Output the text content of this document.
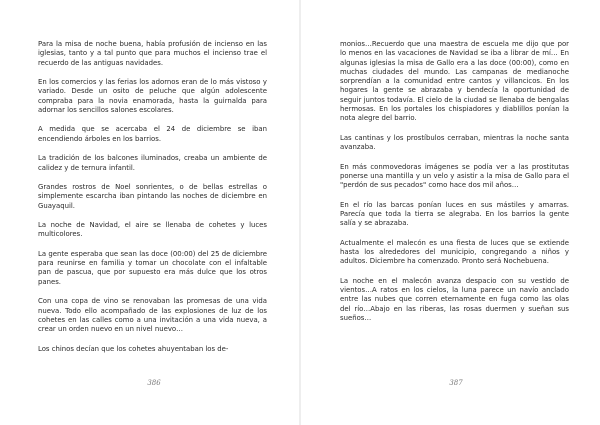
Para la misa de noche buena, había profusión de incienso en las iglesias, tanto y a tal punto que para muchos el incienso trae el recuerdo de las antiguas navidades.

En los comercios y las ferias los adornos eran de lo más vistoso y variado. Desde un osito de peluche que algún adolescente compraba para la novia enamorada, hasta la guirnalda para adornar los sencillos salones escolares.

A medida que se acercaba el 24 de diciembre se iban encendiendo árboles en los barrios.

La tradición de los balcones iluminados, creaba un ambiente de calidez y de ternura infantil.

Grandes rostros de Noel sonrientes, o de bellas estrellas o simplemente escarcha iban pintando las noches de diciembre en Guayaquil.

La noche de Navidad, el aire se llenaba de cohetes y luces multicolores.

La gente esperaba que sean las doce (00:00) del 25 de diciembre para reunirse en familia y tomar un chocolate con el infaltable pan de pascua, que por supuesto era más dulce que los otros panes.

Con una copa de vino se renovaban las promesas de una vida nueva. Todo ello acompañado de las explosiones de luz de los cohetes en las calles como a una invitación a una vida nueva, a crear un orden nuevo en un nivel nuevo…

Los chinos decían que los cohetes ahuyentaban los de-

386

monios…Recuerdo que una maestra de escuela me dijo que por lo menos en las vacaciones de Navidad se iba a librar de mí… En algunas iglesias la misa de Gallo era a las doce (00:00), como en muchas ciudades del mundo. Las campanas de medianoche sorprendían a la comunidad entre cantos y villancicos. En los hogares la gente se abrazaba y bendecía la oportunidad de seguir juntos todavía. El cielo de la ciudad se llenaba de bengalas hermosas. En los portales los chispiadores y diablillos ponían la nota alegre del barrio.

Las cantinas y los prostíbulos cerraban, mientras la noche santa avanzaba.

En más conmovedoras imágenes se podía ver a las prostitutas ponerse una mantilla y un velo y asistir a la misa de Gallo para el "perdón de sus pecados" como hace dos mil años…

En el río las barcas ponían luces en sus mástiles y amarras. Parecía que toda la tierra se alegraba. En los barrios la gente salía y se abrazaba.

Actualmente el malecón es una fiesta de luces que se extiende hasta los alrededores del municipio, congregando a niños y adultos. Diciembre ha comenzado. Pronto será Nochebuena.

La noche en el malecón avanza despacio con su vestido de vientos…A ratos en los cielos, la luna parece un navío anclado entre las nubes que corren eternamente en fuga como las olas del río…Abajo en las riberas, las rosas duermen y sueñan sus sueños…

387
